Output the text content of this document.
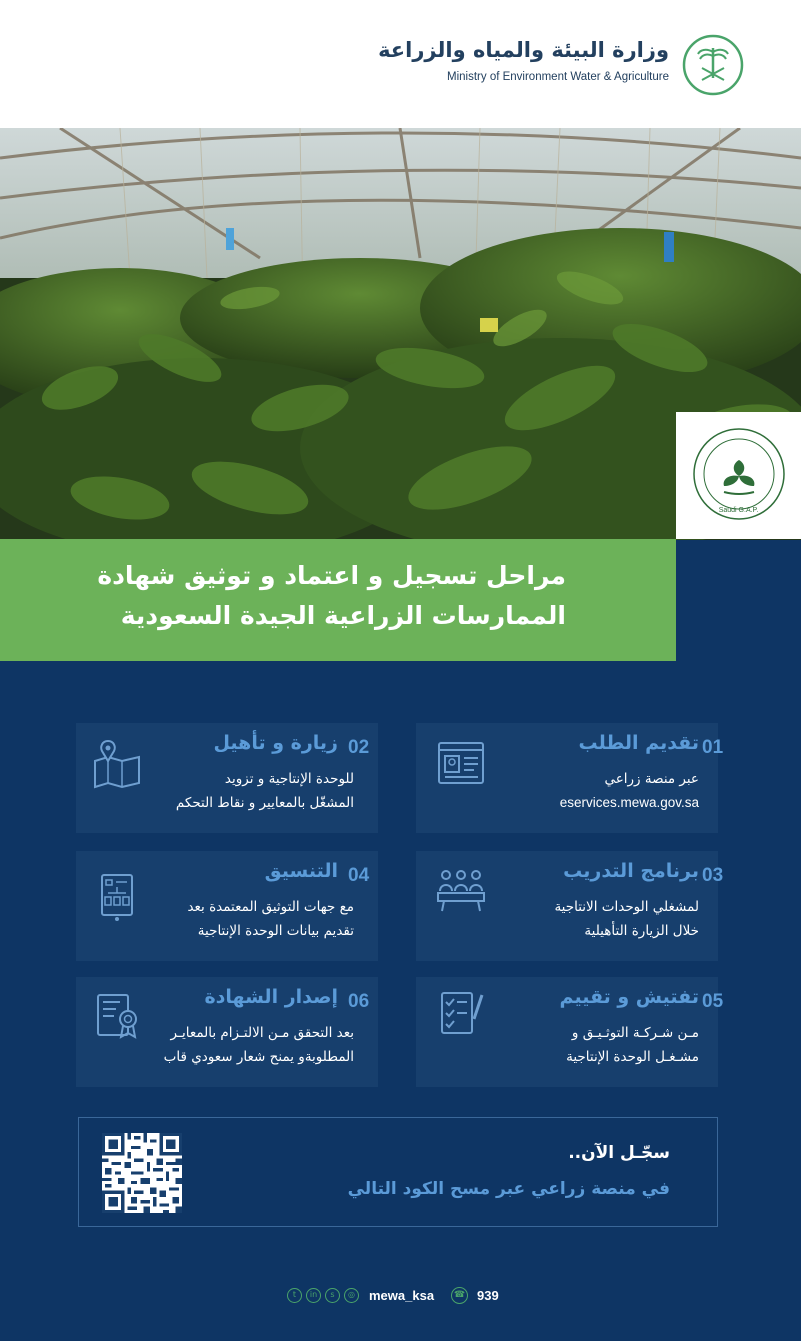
وزارة البيئة والمياه والزراعة
Ministry of Environment Water & Agriculture
Saudi G.A.P.
مراحل تسجيل و اعتماد و توثيق شهادة
الممارسات الزراعية الجيدة السعودية
01
تقديم الطلب
عبر منصة زراعي
eservices.mewa.gov.sa
02
زيارة و تأهيل
للوحدة الإنتاجية و تزويد
المشغّل بالمعايير و نقاط التحكم
03
برنامج التدريب
لمشغلي الوحدات الانتاجية
خلال الزيارة التأهيلية
04
التنسيق
مع جهات التوثيق المعتمدة بعد
تقديم بيانات الوحدة الإنتاجية
05
تفتيش و تقييم
مـن شـركـة التوثـيـق و
مشـغـل الوحدة الإنتاجية
06
إصدار الشهادة
بعد التحقق مـن الالتـزام بالمعايـر
المطلوبةو يمنح شعار سعودي قاب
سجّـل الآن..
في منصة زراعي عبر مسح الكود التالي
t	in	s	◎	mewa_ksa	☎ 939
